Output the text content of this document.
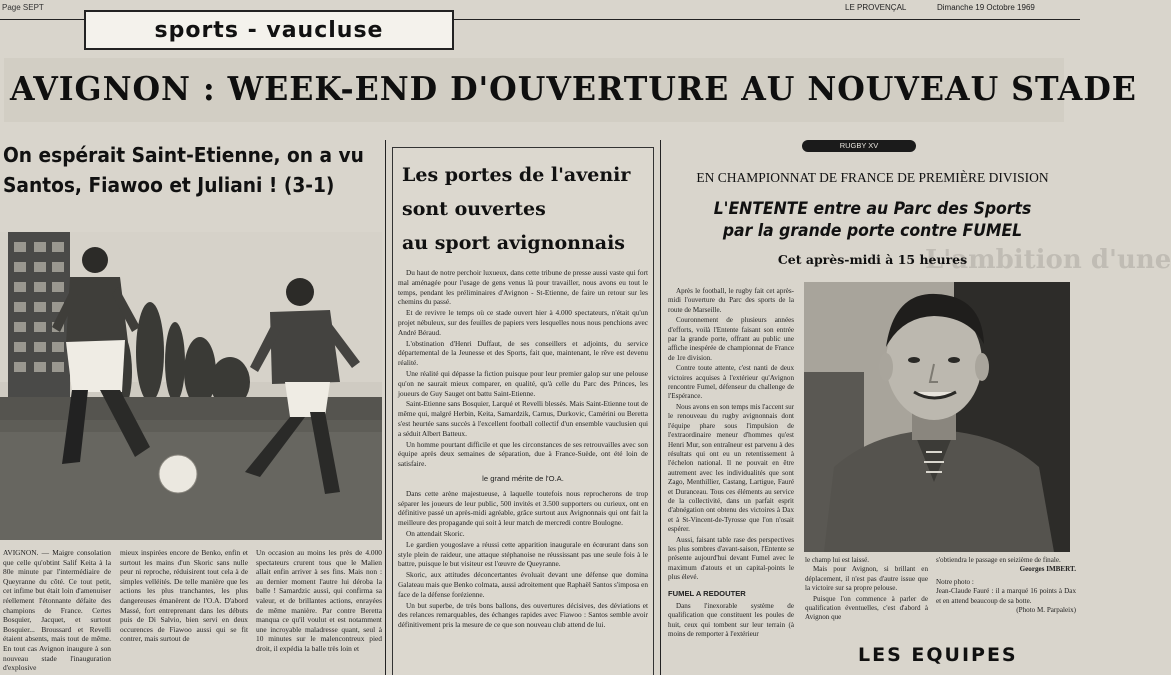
Page SEPT	LE PROVENÇAL	Dimanche 19 Octobre 1969
sports - vaucluse
AVIGNON : WEEK-END D'OUVERTURE AU NOUVEAU STADE
On espérait Saint-Etienne, on a vu
Santos, Fiawoo et Juliani ! (3-1)
AVIGNON. — Maigre consolation que celle qu'obtint Salif Keita à la 80e minute par l'intermédiaire de Queyranne du côté. Ce tout petit, cet infime but était loin d'amenuiser réellement l'étonnante défaite des champions de France. Certes Bosquier, Jacquet, et surtout Bosquier... Broussard et Revelli étaient absents, mais tout de même. En tout cas Avignon inaugure à son nouveau stade l'inauguration d'explosive
mieux inspirées encore de Benko, enfin et surtout les mains d'un Skoric sans nulle peur ni reproche, réduisirent tout cela à de simples velléités. De telle manière que les actions les plus tranchantes, les plus dangereuses émanèrent de l'O.A. D'abord Massé, fort entreprenant dans les débuts puis de Di Salvio, bien servi en deux occurences de Fiawoo aussi qui se fit contrer, mais surtout de
Un occasion au moins les près de 4.000 spectateurs crurent tous que le Malien allait enfin arriver à ses fins. Mais non : au dernier moment l'autre lui déroba la balle ! Samardzic aussi, qui confirma sa valeur, et de brillantes actions, enrayées de même manière. Par contre Beretta manqua ce qu'il voulut et est notamment une incroyable maladresse quant, seul à 10 minutes sur le malencontreux pied droit, il expédia la balle très loin et
Les portes de l'avenir
sont ouvertes
au sport avignonnais

Du haut de notre perchoir luxueux, dans cette tribune de presse aussi vaste qui fort mal aménagée pour l'usage de gens venus là pour travailler, nous avons eu tout le temps, pendant les préliminaires d'Avignon - St-Etienne, de faire un retour sur les chemins du passé.

Et de revivre le temps où ce stade ouvert hier à 4.000 spectateurs, n'était qu'un projet nébuleux, sur des feuilles de papiers vers lesquelles nous nous penchions avec André Béraud.

L'obstination d'Henri Duffaut, de ses conseillers et adjoints, du service départemental de la Jeunesse et des Sports, fait que, maintenant, le rêve est devenu réalité.

Une réalité qui dépasse la fiction puisque pour leur premier galop sur une pelouse qu'on ne saurait mieux comparer, en qualité, qu'à celle du Parc des Princes, les joueurs de Guy Sauget ont battu Saint-Etienne.

Saint-Etienne sans Bosquier, Larqué et Revelli blessés. Mais Saint-Etienne tout de même qui, malgré Herbin, Keita, Samardzik, Carnus, Durkovic, Camérini ou Beretta s'est heurtée sans succès à l'excellent football collectif d'un ensemble vauclusien qui a séduit Albert Batteux.

Un homme pourtant difficile et que les circonstances de ses retrouvailles avec son équipe après deux semaines de séparation, due à France-Suède, ont été loin de satisfaire.

le grand mérite de l'O.A.

Dans cette arène majestueuse, à laquelle toutefois nous reprocherons de trop séparer les joueurs de leur public, 500 invités et 3.500 supporters ou curieux, ont en définitive passé un après-midi agréable, grâce surtout aux Avignonnais qui ont fait la meilleure des propagande qui soit à leur match de mercredi contre Boulogne.

On attendait Skoric.

Le gardien yougoslave a réussi cette apparition inaugurale en écœurant dans son style plein de raideur, une attaque stéphanoise ne réussissant pas une seule fois à le battre, puisque le but visiteur est l'œuvre de Queyranne.

Skoric, aux attitudes déconcertantes évoluait devant une défense que domina Galateau mais que Benko colmata, aussi adroitement que Raphaël Santos s'imposa en face de la défense forézienne.

Un but superbe, de très bons ballons, des ouvertures décisives, des déviations et des relances remarquables, des échanges rapides avec Fiawoo : Santos semble avoir définitivement pris la mesure de ce que son nouveau club attend de lui.

RUGBY XV
EN CHAMPIONNAT DE FRANCE DE PREMIÈRE DIVISION
L'ENTENTE entre au Parc des Sports
par la grande porte contre FUMEL
Cet après-midi à 15 heures
L'ambition d'une

Après le football, le rugby fait cet après-midi l'ouverture du Parc des sports de la route de Marseille.

Couronnement de plusieurs années d'efforts, voilà l'Entente faisant son entrée par la grande porte, offrant au public une affiche inespérée de championnat de France de 1re division.

Contre toute attente, c'est nanti de deux victoires acquises à l'extérieur qu'Avignon rencontre Fumel, défenseur du challenge de l'Espérance.

Nous avons en son temps mis l'accent sur le renouveau du rugby avignonnais dont l'équipe phare sous l'impulsion de l'extraordinaire meneur d'hommes qu'est Henri Mur, son entraîneur est parvenu à des résultats qui ont eu un retentissement à l'échelon national. Il ne pouvait en être autrement avec les individualités que sont Zago, Menthillier, Castang, Lartigue, Fauré et Duranceau. Tous ces éléments au service de la collectivité, dans un parfait esprit d'abnégation ont obtenu des victoires à Dax et à St-Vincent-de-Tyrosse que l'on n'osait espérer.

Aussi, faisant table rase des perspectives les plus sombres d'avant-saison, l'Entente se présente aujourd'hui devant Fumel avec le maximum d'atouts et un capital-points le plus élevé.

FUMEL A REDOUTER

Dans l'inexorable système de qualification que constituent les poules de huit, ceux qui tombent sur leur terrain (à moins de remporter à l'extérieur

le champ lui est laissé.

Mais pour Avignon, si brillant en déplacement, il n'est pas d'autre issue que la victoire sur sa propre pelouse.

Puisque l'on commence à parler de qualification éventuelles, c'est d'abord à Avignon que

s'obtiendra le passage en seizième de finale.
Georges IMBERT.
Notre photo :
Jean-Claude Fauré : il a marqué 16 points à Dax et en attend beaucoup de sa botte.
(Photo M. Parpaleix)
LES EQUIPES
